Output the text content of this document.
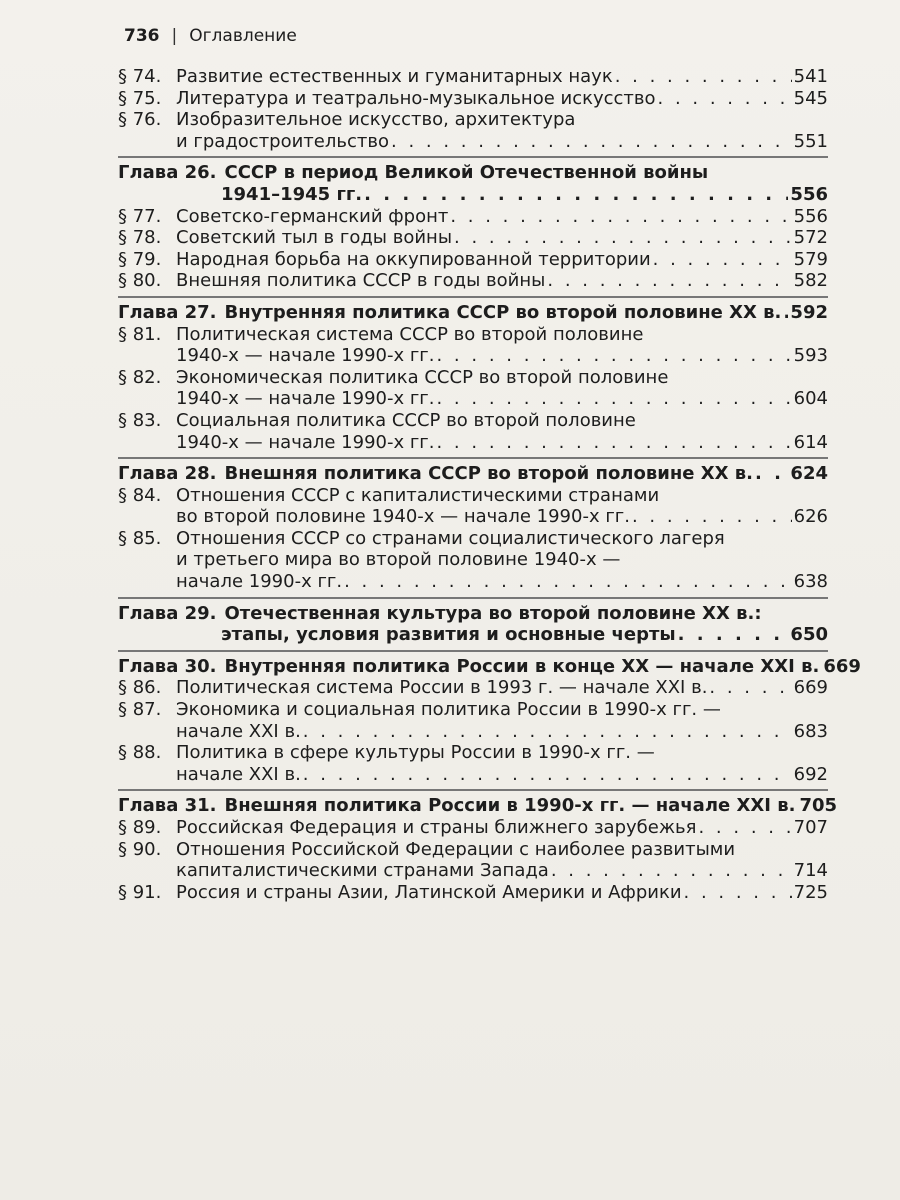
736 | Оглавление
§ 74. Развитие естественных и гуманитарных наук . . .	541
§ 75. Литература и театрально-музыкальное искусство . . .	545
§ 76. Изобразительное искусство, архитектура
и градостроительство . . .	551
Глава 26. СССР в период Великой Отечественной войны
1941–1945 гг. . . .	556
§ 77. Советско-германский фронт . . .	556
§ 78. Советский тыл в годы войны . . .	572
§ 79. Народная борьба на оккупированной территории . . .	579
§ 80. Внешняя политика СССР в годы войны . . .	582
Глава 27. Внутренняя политика СССР во второй половине XX в. . . . 592
§ 81. Политическая система СССР во второй половине
1940-х — начале 1990-х гг. . . .	593
§ 82. Экономическая политика СССР во второй половине
1940-х — начале 1990-х гг. . . .	604
§ 83. Социальная политика СССР во второй половине
1940-х — начале 1990-х гг. . . .	614
Глава 28. Внешняя политика СССР во второй половине XX в. . . . 624
§ 84. Отношения СССР с капиталистическими странами
во второй половине 1940-х — начале 1990-х гг. . . .	626
§ 85. Отношения СССР со странами социалистического лагеря
и третьего мира во второй половине 1940-х —
начале 1990-х гг. . . .	638
Глава 29. Отечественная культура во второй половине XX в.:
этапы, условия развития и основные черты . . .	650
Глава 30. Внутренняя политика России в конце XX — начале XXI в. 669
§ 86. Политическая система России в 1993 г. — начале XXI в. . . .	669
§ 87. Экономика и социальная политика России в 1990-х гг. —
начале XXI в. . . .	683
§ 88. Политика в сфере культуры России в 1990-х гг. —
начале XXI в. . . .	692
Глава 31. Внешняя политика России в 1990-х гг. — начале XXI в. 705
§ 89. Российская Федерация и страны ближнего зарубежья . . .	707
§ 90. Отношения Российской Федерации с наиболее развитыми
капиталистическими странами Запада . . .	714
§ 91. Россия и страны Азии, Латинской Америки и Африки . . .	725
